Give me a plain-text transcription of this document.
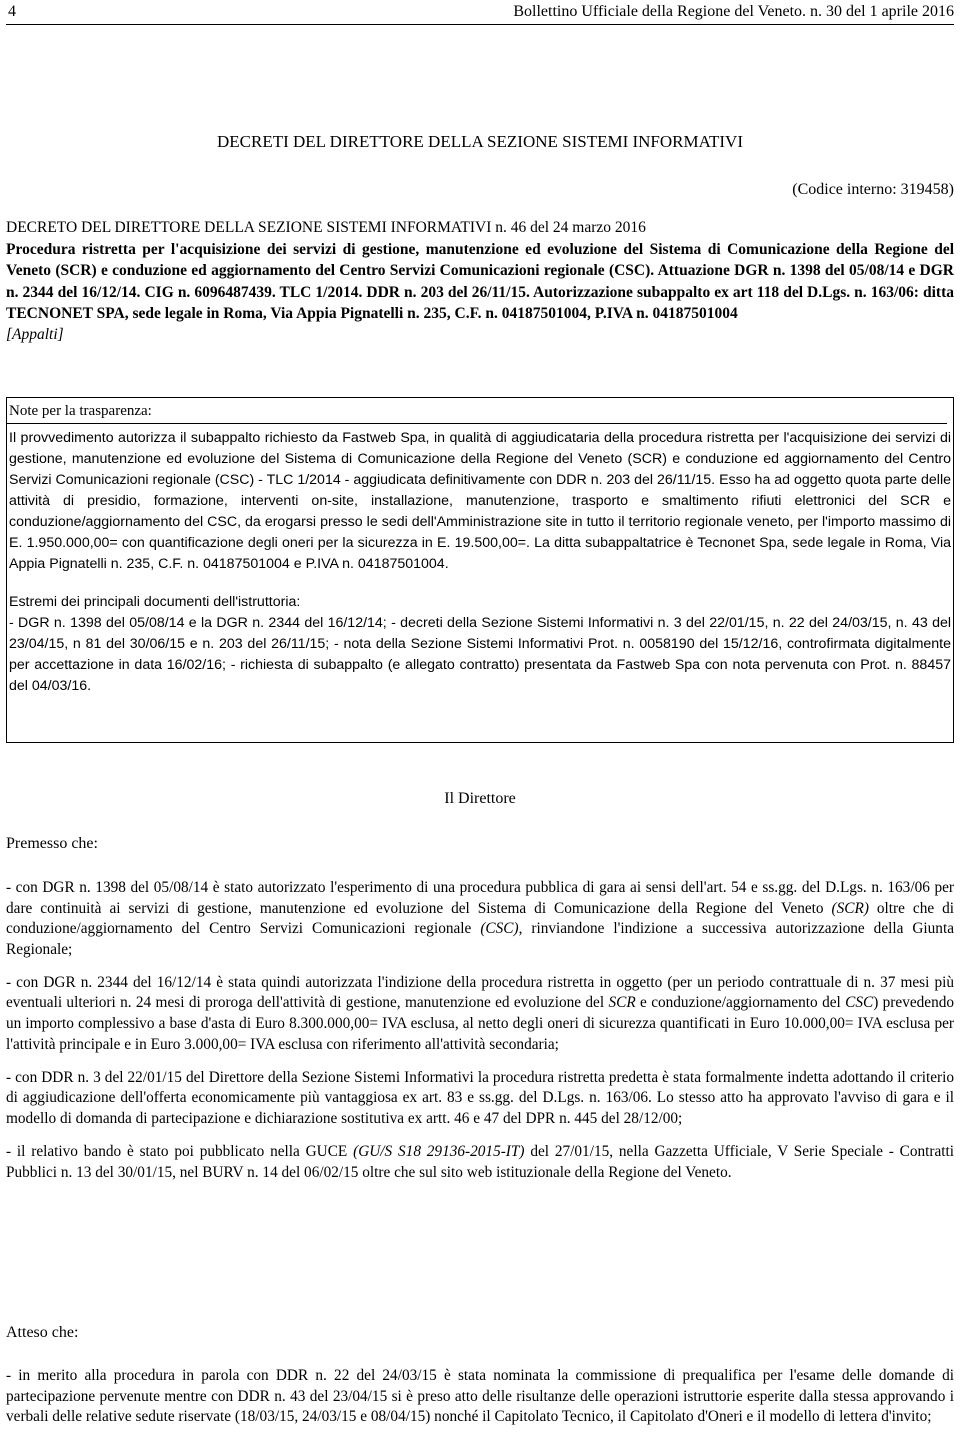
4	Bollettino Ufficiale della Regione del Veneto. n. 30 del 1 aprile 2016
DECRETI DEL DIRETTORE DELLA SEZIONE SISTEMI INFORMATIVI
(Codice interno: 319458)
DECRETO DEL DIRETTORE DELLA SEZIONE SISTEMI INFORMATIVI n. 46 del 24 marzo 2016
Procedura ristretta per l'acquisizione dei servizi di gestione, manutenzione ed evoluzione del Sistema di Comunicazione della Regione del Veneto (SCR) e conduzione ed aggiornamento del Centro Servizi Comunicazioni regionale (CSC). Attuazione DGR n. 1398 del 05/08/14 e DGR n. 2344 del 16/12/14. CIG n. 6096487439. TLC 1/2014. DDR n. 203 del 26/11/15. Autorizzazione subappalto ex art 118 del D.Lgs. n. 163/06: ditta TECNONET SPA, sede legale in Roma, Via Appia Pignatelli n. 235, C.F. n. 04187501004, P.IVA n. 04187501004
[Appalti]
Note per la trasparenza:

Il provvedimento autorizza il subappalto richiesto da Fastweb Spa, in qualità di aggiudicataria della procedura ristretta per l'acquisizione dei servizi di gestione, manutenzione ed evoluzione del Sistema di Comunicazione della Regione del Veneto (SCR) e conduzione ed aggiornamento del Centro Servizi Comunicazioni regionale (CSC) - TLC 1/2014 - aggiudicata definitivamente con DDR n. 203 del 26/11/15. Esso ha ad oggetto quota parte delle attività di presidio, formazione, interventi on-site, installazione, manutenzione, trasporto e smaltimento rifiuti elettronici del SCR e conduzione/aggiornamento del CSC, da erogarsi presso le sedi dell'Amministrazione site in tutto il territorio regionale veneto, per l'importo massimo di E. 1.950.000,00= con quantificazione degli oneri per la sicurezza in E. 19.500,00=. La ditta subappaltatrice è Tecnonet Spa, sede legale in Roma, Via Appia Pignatelli n. 235, C.F. n. 04187501004 e P.IVA n. 04187501004.

Estremi dei principali documenti dell'istruttoria:

- DGR n. 1398 del 05/08/14 e la DGR n. 2344 del 16/12/14; - decreti della Sezione Sistemi Informativi n. 3 del 22/01/15, n. 22 del 24/03/15, n. 43 del 23/04/15, n 81 del 30/06/15 e n. 203 del 26/11/15; - nota della Sezione Sistemi Informativi Prot. n. 0058190 del 15/12/16, controfirmata digitalmente per accettazione in data 16/02/16; - richiesta di subappalto (e allegato contratto) presentata da Fastweb Spa con nota pervenuta con Prot. n. 88457 del 04/03/16.

Il Direttore
Premesso che:

- con DGR n. 1398 del 05/08/14 è stato autorizzato l'esperimento di una procedura pubblica di gara ai sensi dell'art. 54 e ss.gg. del D.Lgs. n. 163/06 per dare continuità ai servizi di gestione, manutenzione ed evoluzione del Sistema di Comunicazione della Regione del Veneto (SCR) oltre che di conduzione/aggiornamento del Centro Servizi Comunicazioni regionale (CSC), rinviandone l'indizione a successiva autorizzazione della Giunta Regionale;

- con DGR n. 2344 del 16/12/14 è stata quindi autorizzata l'indizione della procedura ristretta in oggetto (per un periodo contrattuale di n. 37 mesi più eventuali ulteriori n. 24 mesi di proroga dell'attività di gestione, manutenzione ed evoluzione del SCR e conduzione/aggiornamento del CSC) prevedendo un importo complessivo a base d'asta di Euro 8.300.000,00= IVA esclusa, al netto degli oneri di sicurezza quantificati in Euro 10.000,00= IVA esclusa per l'attività principale e in Euro 3.000,00= IVA esclusa con riferimento all'attività secondaria;

- con DDR n. 3 del 22/01/15 del Direttore della Sezione Sistemi Informativi la procedura ristretta predetta è stata formalmente indetta adottando il criterio di aggiudicazione dell'offerta economicamente più vantaggiosa ex art. 83 e ss.gg. del D.Lgs. n. 163/06. Lo stesso atto ha approvato l'avviso di gara e il modello di domanda di partecipazione e dichiarazione sostitutiva ex artt. 46 e 47 del DPR n. 445 del 28/12/00;

- il relativo bando è stato poi pubblicato nella GUCE (GU/S S18 29136-2015-IT) del 27/01/15, nella Gazzetta Ufficiale, V Serie Speciale - Contratti Pubblici n. 13 del 30/01/15, nel BURV n. 14 del 06/02/15 oltre che sul sito web istituzionale della Regione del Veneto.

Atteso che:

- in merito alla procedura in parola con DDR n. 22 del 24/03/15 è stata nominata la commissione di prequalifica per l'esame delle domande di partecipazione pervenute mentre con DDR n. 43 del 23/04/15 si è preso atto delle risultanze delle operazioni istruttorie esperite dalla stessa approvando i verbali delle relative sedute riservate (18/03/15, 24/03/15 e 08/04/15) nonché il Capitolato Tecnico, il Capitolato d'Oneri e il modello di lettera d'invito;
